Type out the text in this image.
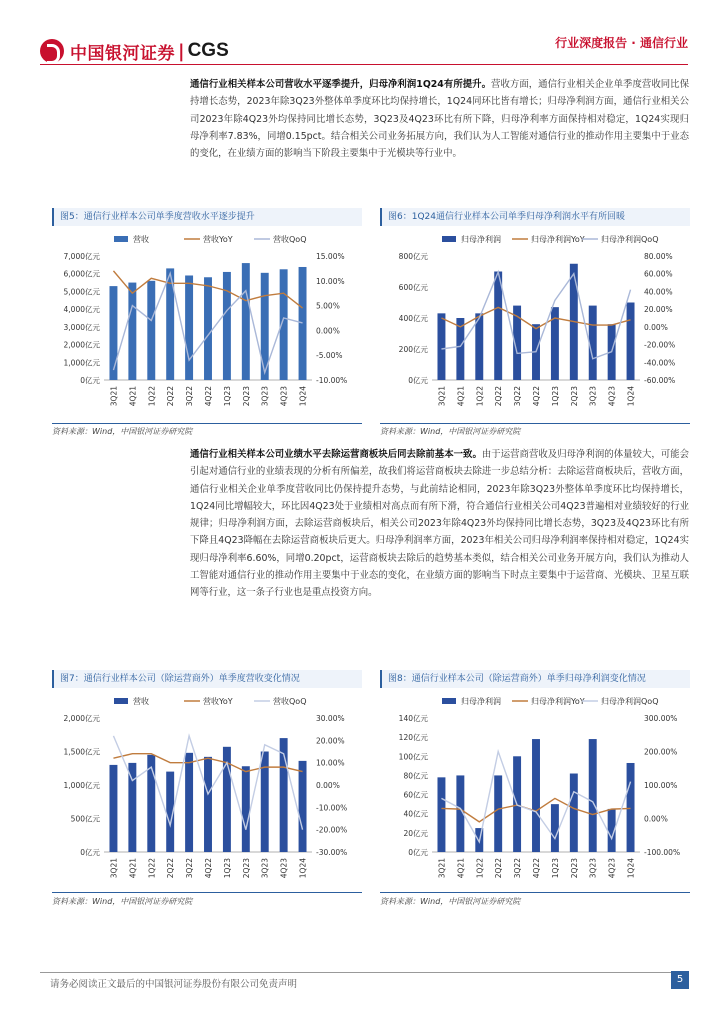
中国银河证券 | CGS	行业深度报告 · 通信行业
通信行业相关样本公司营收水平逐季提升，归母净利润1Q24有所提升。营收方面，通信行业相关企业单季度营收同比保持增长态势，2023年除3Q23外整体单季度环比均保持增长，1Q24同环比皆有增长；归母净利润方面，通信行业相关公司2023年除4Q23外均保持同比增长态势，3Q23及4Q23环比有所下降，归母净利率方面保持相对稳定，1Q24实现归母净利率7.83%，同增0.15pct。结合相关公司业务拓展方向，我们认为人工智能对通信行业的推动作用主要集中于业态的变化，在业绩方面的影响当下阶段主要集中于光模块等行业中。
图5：通信行业样本公司单季度营收水平逐步提升
营收	营收YoY	营收QoQ
7,000亿元
6,000亿元
5,000亿元
4,000亿元
3,000亿元
2,000亿元
1,000亿元
0亿元
15.00%
10.00%
5.00%
0.00%
-5.00%
-10.00%
3Q21 4Q21 1Q22 2Q22 3Q22 4Q22 1Q23 2Q23 3Q23 4Q23 1Q24
资料来源：Wind，中国银河证券研究院
图6：1Q24通信行业样本公司单季归母净利润水平有所回暖
归母净利润	归母净利润YoY 归母净利润QoQ
800亿元
600亿元
400亿元
200亿元
0亿元
80.00%
60.00%
40.00%
20.00%
0.00%
-20.00%
-40.00%
-60.00%
3Q21 4Q21 1Q22 2Q22 3Q22 4Q22 1Q23 2Q23 3Q23 4Q23 1Q24
资料来源：Wind，中国银河证券研究院
通信行业相关样本公司业绩水平去除运营商板块后同去除前基本一致。由于运营商营收及归母净利润的体量较大，可能会引起对通信行业的业绩表现的分析有所偏差，故我们将运营商板块去除进一步总结分析：去除运营商板块后，营收方面，通信行业相关企业单季度营收同比仍保持提升态势，与此前结论相同，2023年除3Q23外整体单季度环比均保持增长，1Q24同比增幅较大，环比因4Q23处于业绩相对高点而有所下滑，符合通信行业相关公司4Q23普遍相对业绩较好的行业规律；归母净利润方面，去除运营商板块后，相关公司2023年除4Q23外均保持同比增长态势，3Q23及4Q23环比有所下降且4Q23降幅在去除运营商板块后更大。归母净利润率方面，2023年相关公司归母净利润率保持相对稳定，1Q24实现归母净利率6.60%，同增0.20pct，运营商板块去除后的趋势基本类似，结合相关公司业务开展方向，我们认为推动人工智能对通信行业的推动作用主要集中于业态的变化，在业绩方面的影响当下时点主要集中于运营商、光模块、卫星互联网等行业，这一条子行业也是重点投资方向。
图7：通信行业样本公司（除运营商外）单季度营收变化情况
营收	营收YoY	营收QoQ
2,000亿元
1,500亿元
1,000亿元
500亿元
0亿元
30.00%
20.00%
10.00%
0.00%
-10.00%
-20.00%
-30.00%
3Q21 4Q21 1Q22 2Q22 3Q22 4Q22 1Q23 2Q23 3Q23 4Q23 1Q24
资料来源：Wind，中国银河证券研究院
图8：通信行业样本公司（除运营商外）单季归母净利润变化情况
归母净利润	归母净利润YoY 归母净利润QoQ
140亿元
120亿元
100亿元
80亿元
60亿元
40亿元
20亿元
0亿元
300.00%
200.00%
100.00%
0.00%
-100.00%
3Q21 4Q21 1Q22 2Q22 3Q22 4Q22 1Q23 2Q23 3Q23 4Q23 1Q24
资料来源：Wind，中国银河证券研究院
请务必阅读正文最后的中国银河证券股份有限公司免责声明	5
